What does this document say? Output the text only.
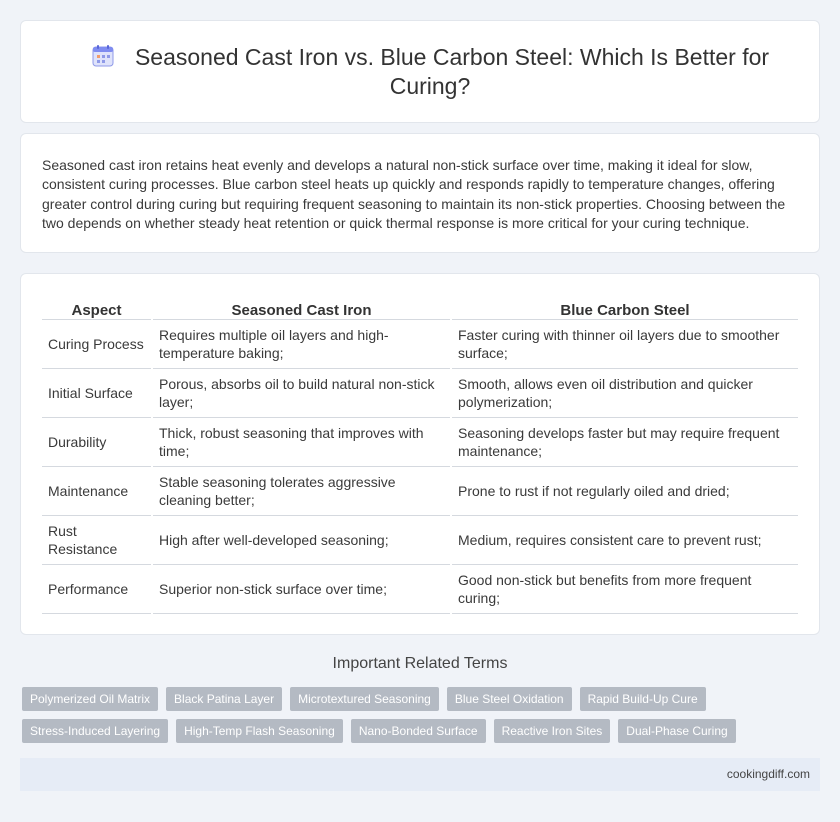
Seasoned Cast Iron vs. Blue Carbon Steel: Which Is Better for Curing?

Seasoned cast iron retains heat evenly and develops a natural non-stick surface over time, making it ideal for slow, consistent curing processes. Blue carbon steel heats up quickly and responds rapidly to temperature changes, offering greater control during curing but requiring frequent seasoning to maintain its non-stick properties. Choosing between the two depends on whether steady heat retention or quick thermal response is more critical for your curing technique.

Aspect	Seasoned Cast Iron	Blue Carbon Steel
Curing Process	Requires multiple oil layers and high-temperature baking;	Faster curing with thinner oil layers due to smoother surface;
Initial Surface	Porous, absorbs oil to build natural non-stick layer;	Smooth, allows even oil distribution and quicker polymerization;
Durability	Thick, robust seasoning that improves with time;	Seasoning develops faster but may require frequent maintenance;
Maintenance	Stable seasoning tolerates aggressive cleaning better;	Prone to rust if not regularly oiled and dried;
Rust Resistance	High after well-developed seasoning;	Medium, requires consistent care to prevent rust;
Performance	Superior non-stick surface over time;	Good non-stick but benefits from more frequent curing;
Important Related Terms
Polymerized Oil Matrix	Black Patina Layer	Microtextured Seasoning	Blue Steel Oxidation	Rapid Build-Up Cure
Stress-Induced Layering	High-Temp Flash Seasoning	Nano-Bonded Surface	Reactive Iron Sites	Dual-Phase Curing
cookingdiff.com
